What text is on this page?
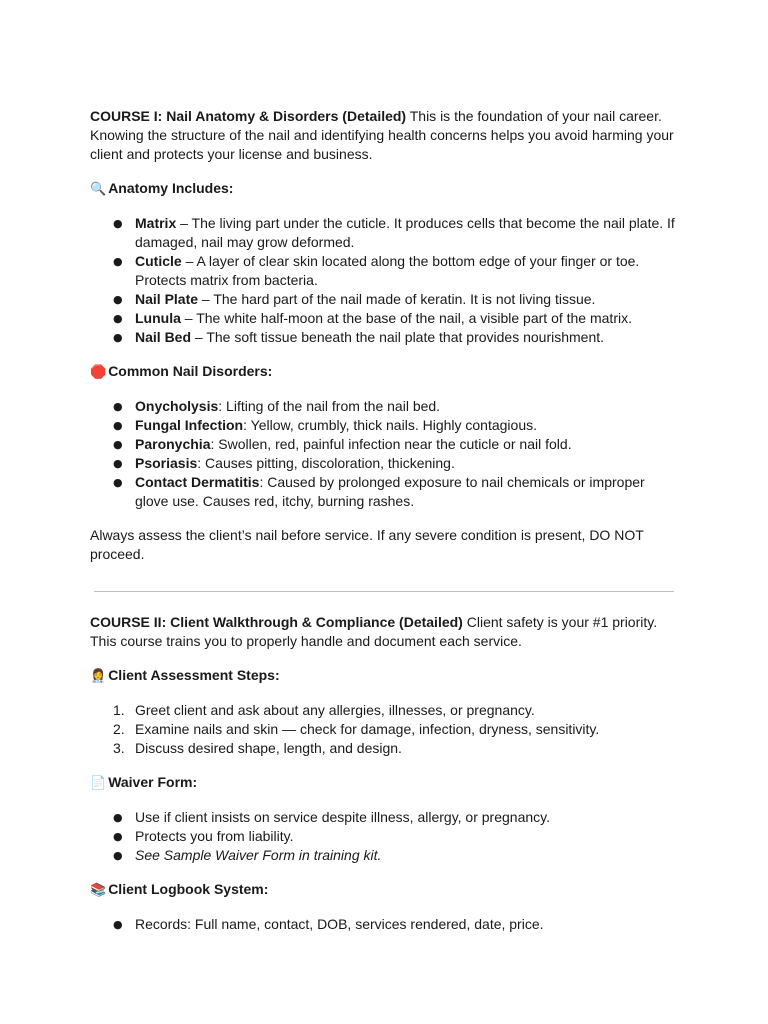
COURSE I: Nail Anatomy & Disorders (Detailed) This is the foundation of your nail career. Knowing the structure of the nail and identifying health concerns helps you avoid harming your client and protects your license and business.

🔍 Anatomy Includes:

● Matrix – The living part under the cuticle. It produces cells that become the nail plate. If damaged, nail may grow deformed.
● Cuticle – A layer of clear skin located along the bottom edge of your finger or toe. Protects matrix from bacteria.
● Nail Plate – The hard part of the nail made of keratin. It is not living tissue.
● Lunula – The white half-moon at the base of the nail, a visible part of the matrix.
● Nail Bed – The soft tissue beneath the nail plate that provides nourishment.

🛑 Common Nail Disorders:

● Onycholysis: Lifting of the nail from the nail bed.
● Fungal Infection: Yellow, crumbly, thick nails. Highly contagious.
● Paronychia: Swollen, red, painful infection near the cuticle or nail fold.
● Psoriasis: Causes pitting, discoloration, thickening.
● Contact Dermatitis: Caused by prolonged exposure to nail chemicals or improper glove use. Causes red, itchy, burning rashes.

Always assess the client’s nail before service. If any severe condition is present, DO NOT proceed.

COURSE II: Client Walkthrough & Compliance (Detailed) Client safety is your #1 priority. This course trains you to properly handle and document each service.

👩‍⚕️ Client Assessment Steps:

1. Greet client and ask about any allergies, illnesses, or pregnancy.
2. Examine nails and skin — check for damage, infection, dryness, sensitivity.
3. Discuss desired shape, length, and design.

📄 Waiver Form:

● Use if client insists on service despite illness, allergy, or pregnancy.
● Protects you from liability.
● See Sample Waiver Form in training kit.

📚 Client Logbook System:

● Records: Full name, contact, DOB, services rendered, date, price.
